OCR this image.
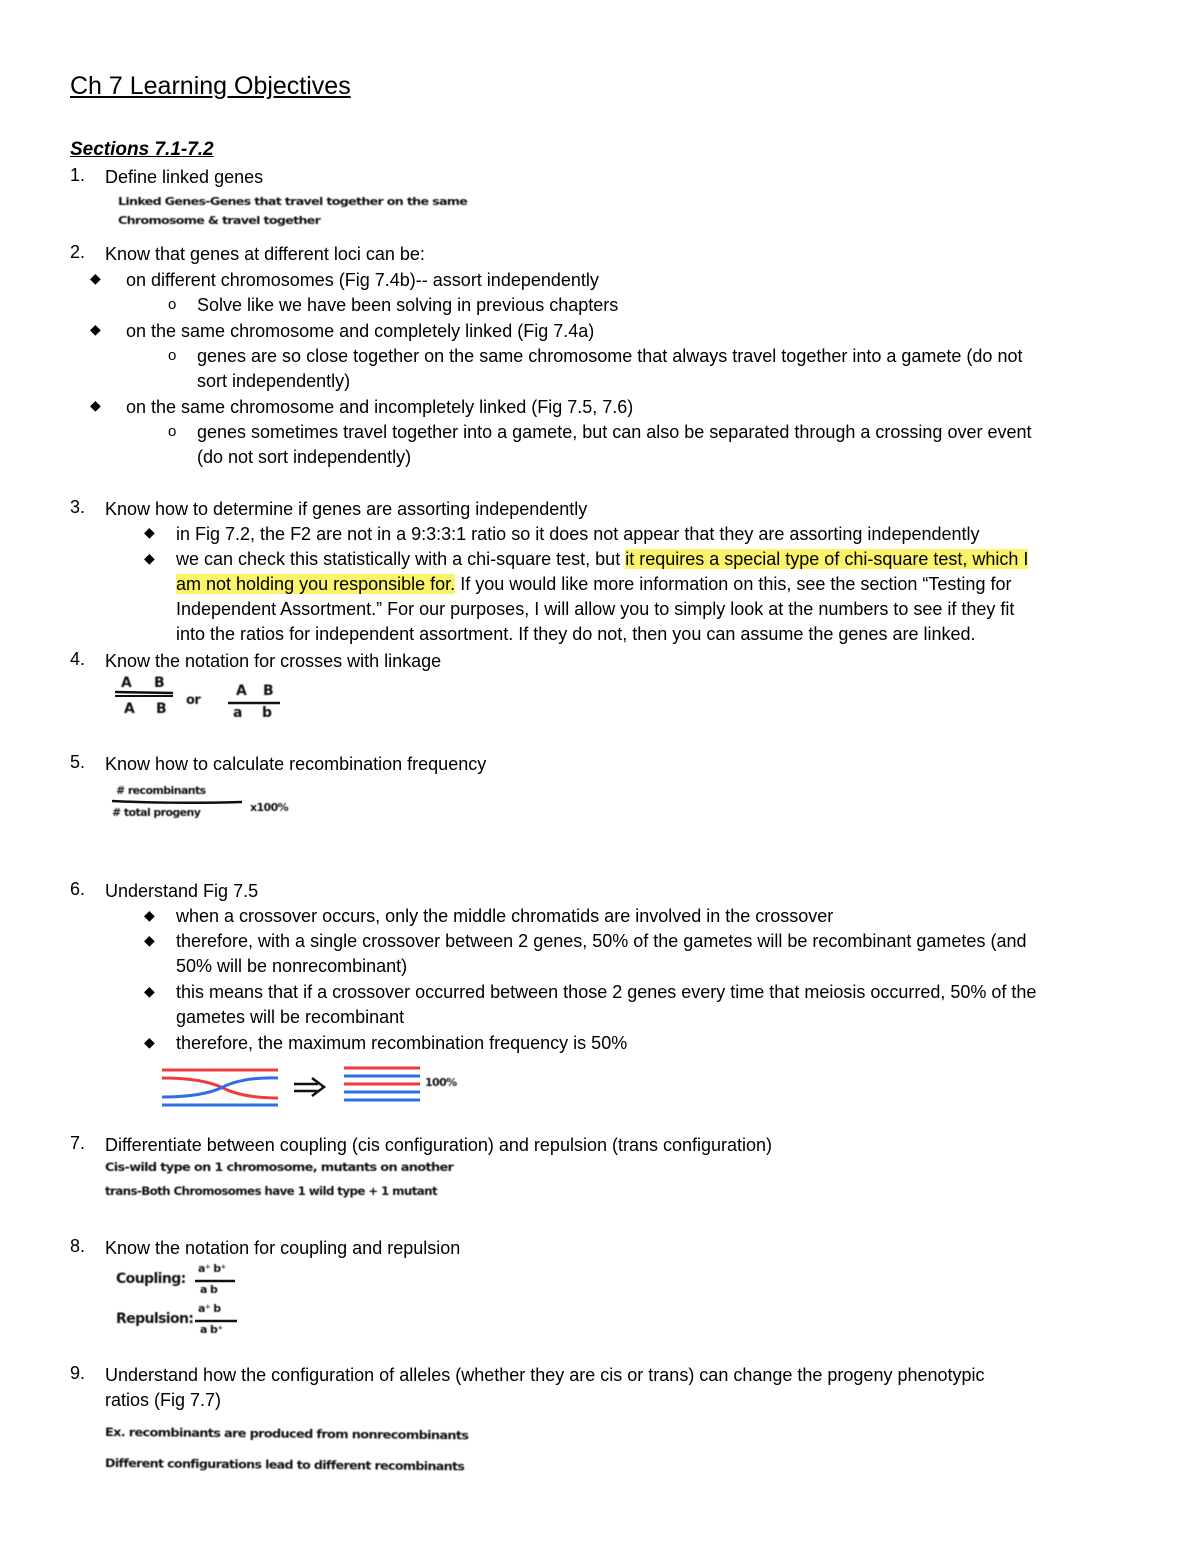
Ch 7 Learning Objectives
Sections 7.1-7.2
1. Define linked genes
Linked Genes-Genes that travel together on the same
Chromosome & travel together
2. Know that genes at different loci can be:
◆ on different chromosomes (Fig 7.4b)-- assort independently
o Solve like we have been solving in previous chapters
◆ on the same chromosome and completely linked (Fig 7.4a)
o genes are so close together on the same chromosome that always travel together into a gamete (do not
sort independently)
◆ on the same chromosome and incompletely linked (Fig 7.5, 7.6)
o genes sometimes travel together into a gamete, but can also be separated through a crossing over event
(do not sort independently)
3. Know how to determine if genes are assorting independently
◆ in Fig 7.2, the F2 are not in a 9:3:3:1 ratio so it does not appear that they are assorting independently
◆ we can check this statistically with a chi-square test, but it requires a special type of chi-square test, which I
am not holding you responsible for. If you would like more information on this, see the section “Testing for
Independent Assortment.” For our purposes, I will allow you to simply look at the numbers to see if they fit
into the ratios for independent assortment. If they do not, then you can assume the genes are linked.
4. Know the notation for crosses with linkage
A B
A B
or
A B
a b
5. Know how to calculate recombination frequency
# recombinants
# total progeny	x100%
6. Understand Fig 7.5
◆ when a crossover occurs, only the middle chromatids are involved in the crossover
◆ therefore, with a single crossover between 2 genes, 50% of the gametes will be recombinant gametes (and
50% will be nonrecombinant)
◆ this means that if a crossover occurred between those 2 genes every time that meiosis occurred, 50% of the
gametes will be recombinant
◆ therefore, the maximum recombination frequency is 50%
100%
7. Differentiate between coupling (cis configuration) and repulsion (trans configuration)
Cis-wild type on 1 chromosome, mutants on another
trans-Both Chromosomes have 1 wild type + 1 mutant
8. Know the notation for coupling and repulsion
Coupling:
a⁺ b⁺
a b
Repulsion:
a⁺ b
a b⁺
9. Understand how the configuration of alleles (whether they are cis or trans) can change the progeny phenotypic
ratios (Fig 7.7)
Ex. recombinants are produced from nonrecombinants
Different configurations lead to different recombinants
